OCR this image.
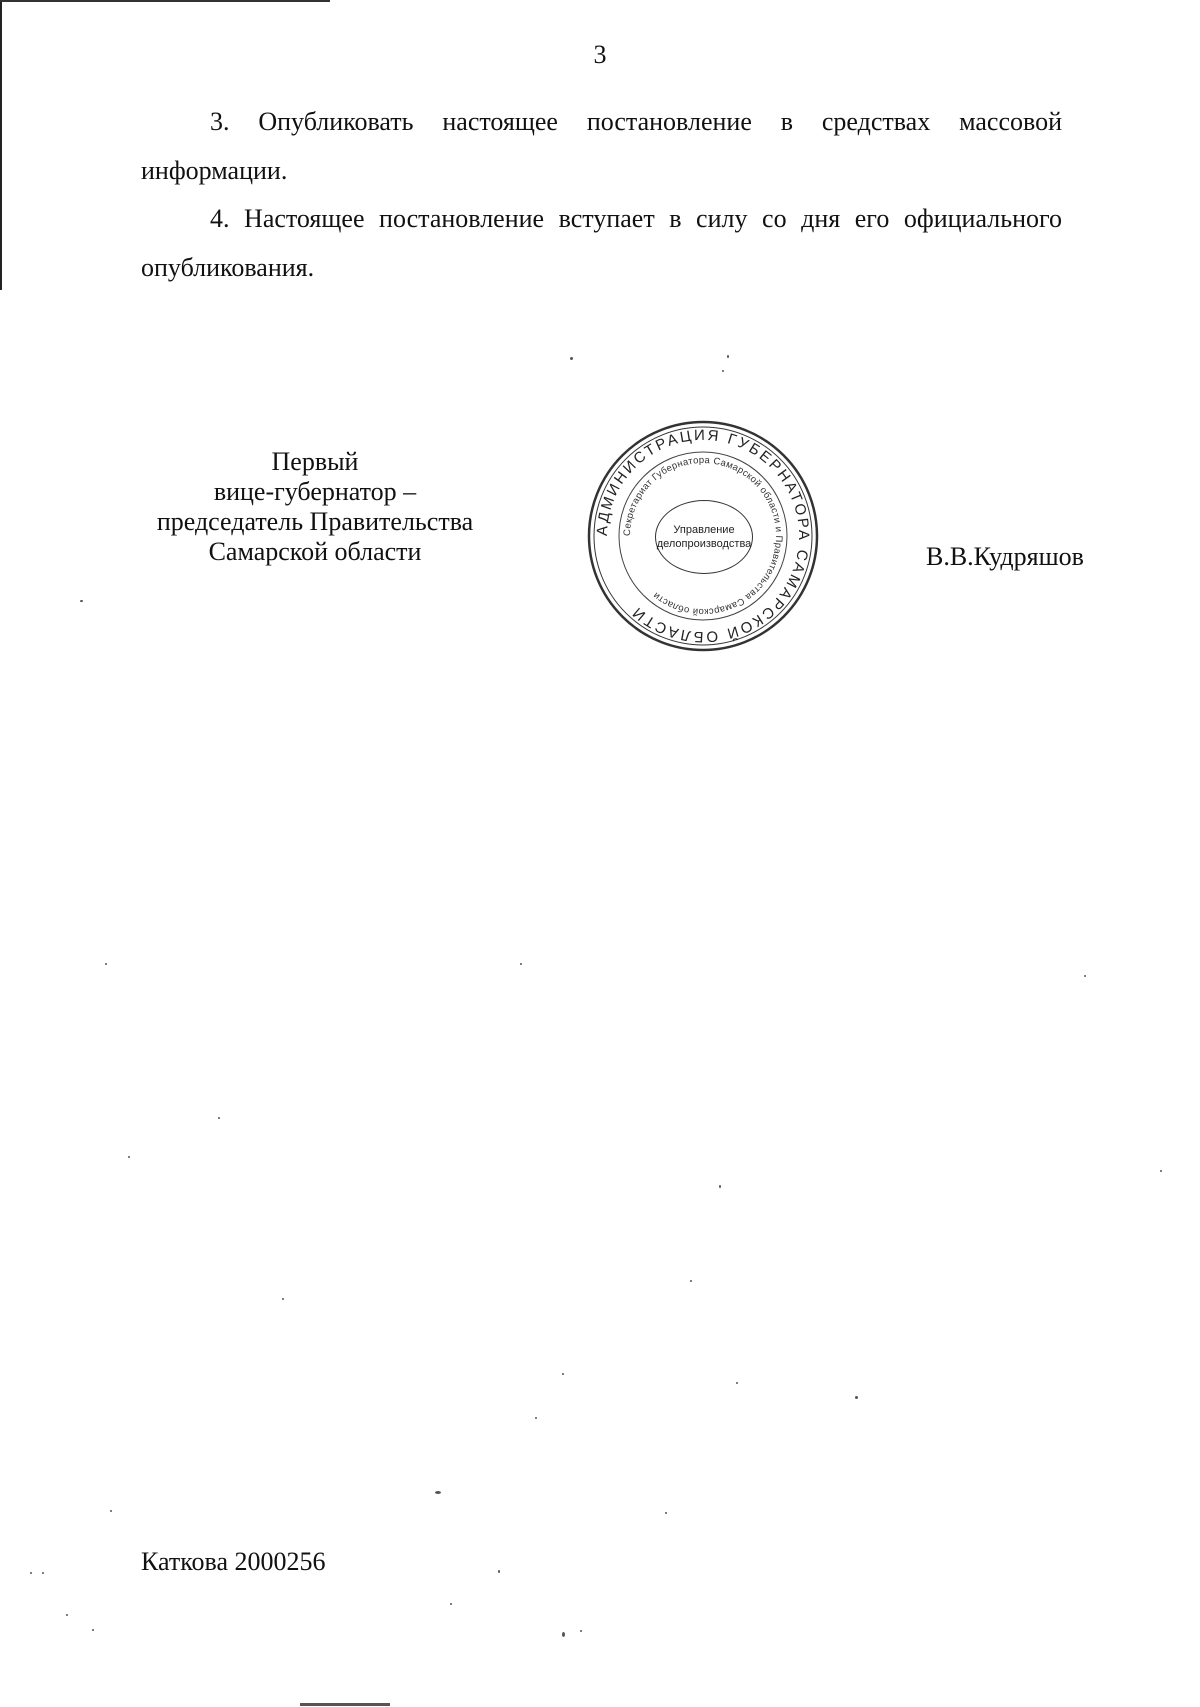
3
3. Опубликовать настоящее постановление в средствах массовой информации.
4. Настоящее постановление вступает в силу со дня его официального опубликования.
Первый
вице-губернатор –
председатель Правительства
Самарской области
АДМИНИСТРАЦИЯ ГУБЕРНАТОРА САМАРСКОЙ ОБЛАСТИ
Секретариат Губернатора Самарской области и Правительства Самарской области
Управление
делопроизводства	В.В.Кудряшов
Каткова 2000256
